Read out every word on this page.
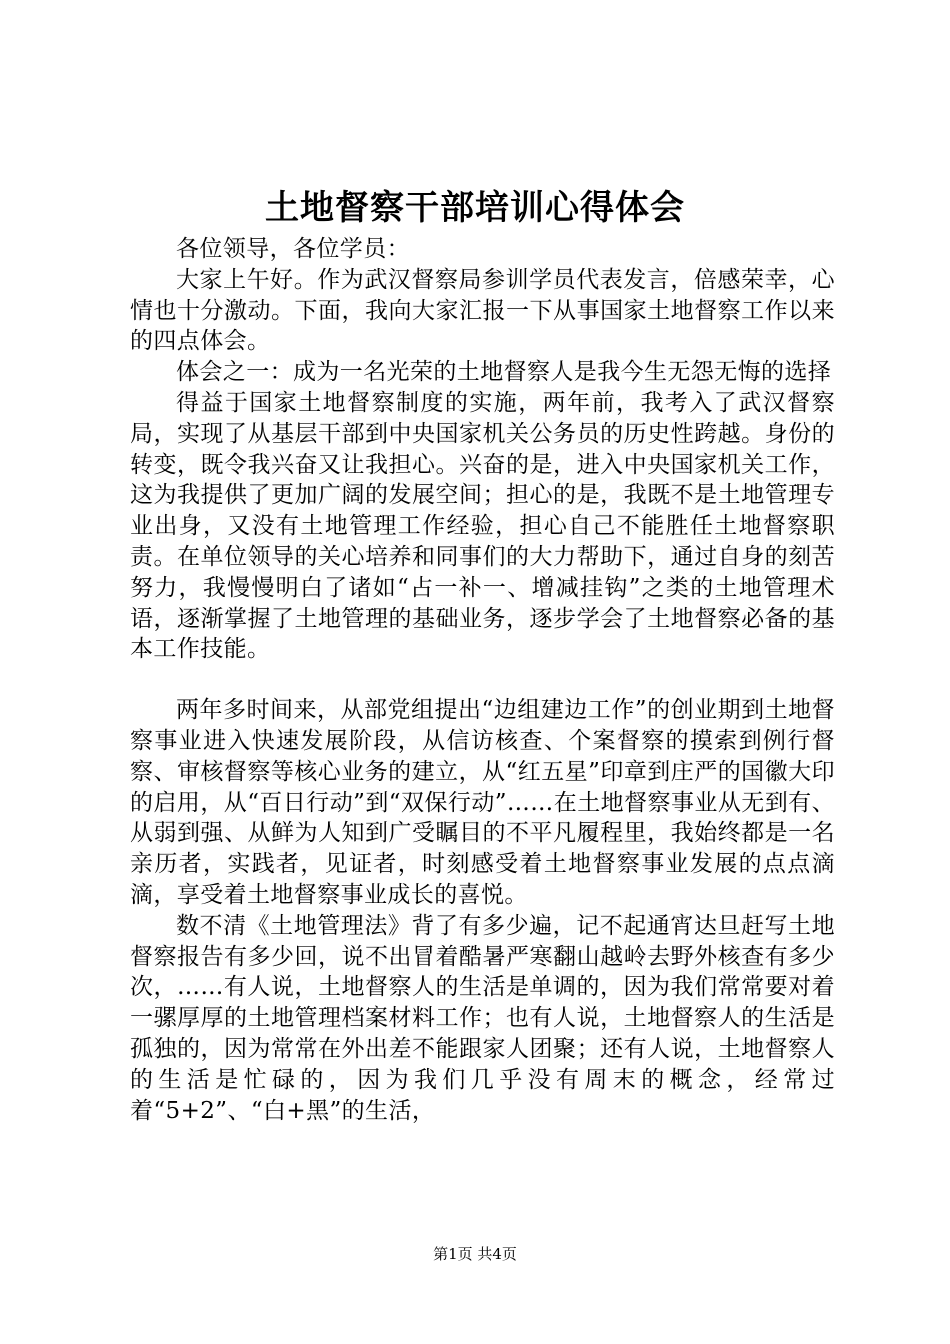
土地督察干部培训心得体会

各位领导，各位学员：

大家上午好。作为武汉督察局参训学员代表发言，倍感荣幸，心情也十分激动。下面，我向大家汇报一下从事国家土地督察工作以来的四点体会。

体会之一：成为一名光荣的土地督察人是我今生无怨无悔的选择

得益于国家土地督察制度的实施，两年前，我考入了武汉督察局，实现了从基层干部到中央国家机关公务员的历史性跨越。身份的转变，既令我兴奋又让我担心。兴奋的是，进入中央国家机关工作，这为我提供了更加广阔的发展空间；担心的是，我既不是土地管理专业出身，又没有土地管理工作经验，担心自己不能胜任土地督察职责。在单位领导的关心培养和同事们的大力帮助下，通过自身的刻苦努力，我慢慢明白了诸如“占一补一、增减挂钩”之类的土地管理术语，逐渐掌握了土地管理的基础业务，逐步学会了土地督察必备的基本工作技能。

两年多时间来，从部党组提出“边组建边工作”的创业期到土地督察事业进入快速发展阶段，从信访核查、个案督察的摸索到例行督察、审核督察等核心业务的建立，从“红五星”印章到庄严的国徽大印的启用，从“百日行动”到“双保行动”……在土地督察事业从无到有、从弱到强、从鲜为人知到广受瞩目的不平凡履程里，我始终都是一名亲历者，实践者，见证者，时刻感受着土地督察事业发展的点点滴滴，享受着土地督察事业成长的喜悦。

数不清《土地管理法》背了有多少遍，记不起通宵达旦赶写土地督察报告有多少回，说不出冒着酷暑严寒翻山越岭去野外核查有多少次，……有人说，土地督察人的生活是单调的，因为我们常常要对着一骡厚厚的土地管理档案材料工作；也有人说，土地督察人的生活是孤独的，因为常常在外出差不能跟家人团聚；还有人说，土地督察人的生活是忙碌的，因为我们几乎没有周末的概念，经常过着“5+2”、“白+黑”的生活，

第1页 共4页
